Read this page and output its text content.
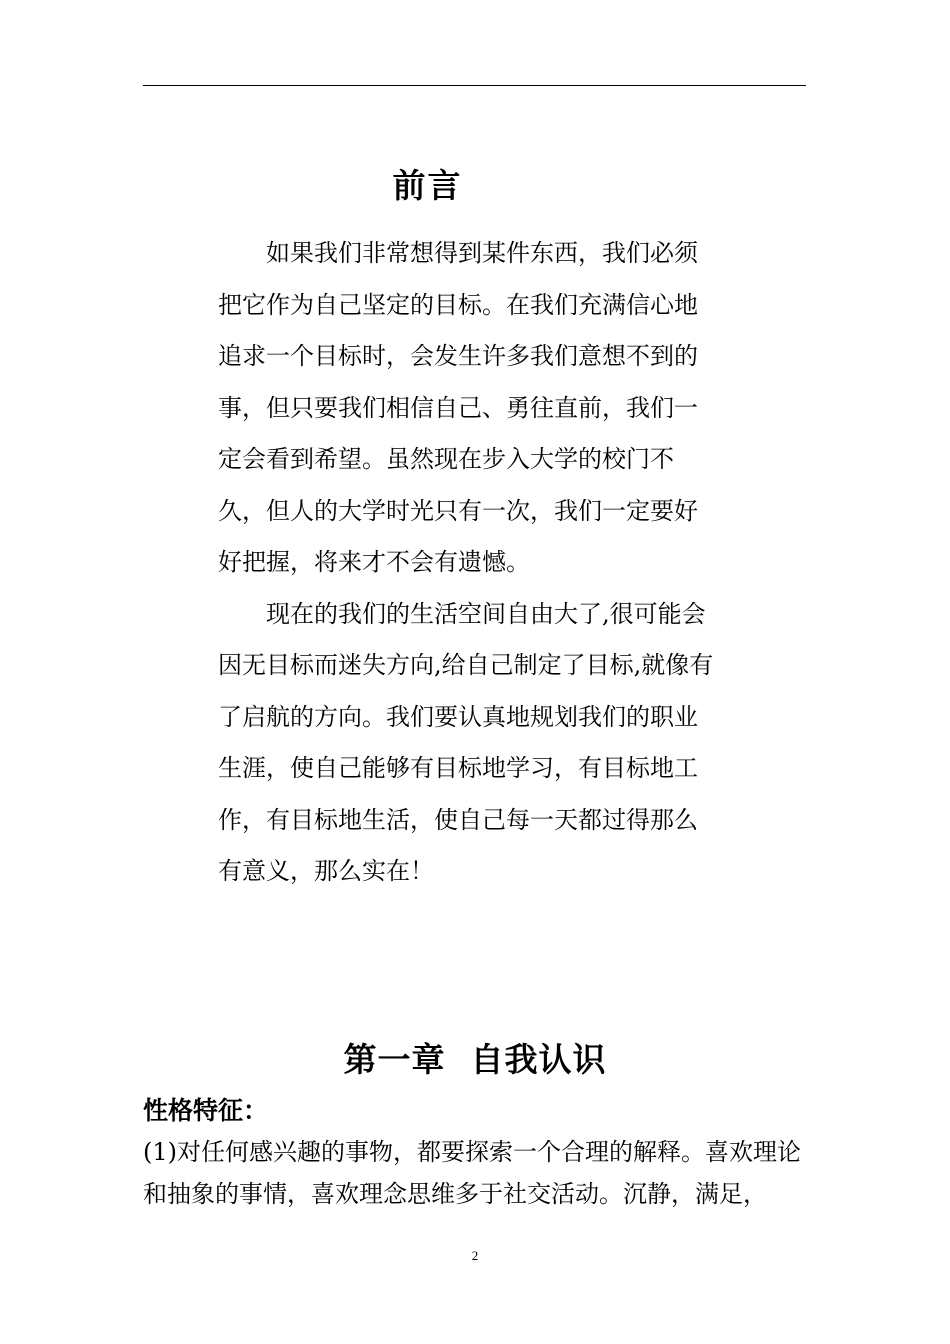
前言

如果我们非常想得到某件东西，我们必须把它作为自己坚定的目标。在我们充满信心地追求一个目标时，会发生许多我们意想不到的事，但只要我们相信自己、勇往直前，我们一定会看到希望。虽然现在步入大学的校门不久，但人的大学时光只有一次，我们一定要好好把握，将来才不会有遗憾。

现在的我们的生活空间自由大了,很可能会因无目标而迷失方向,给自己制定了目标,就像有了启航的方向。我们要认真地规划我们的职业生涯，使自己能够有目标地学习，有目标地工作，有目标地生活，使自己每一天都过得那么有意义，那么实在！

第一章  自我认识
性格特征：

(1)对任何感兴趣的事物，都要探索一个合理的解释。喜欢理论和抽象的事情，喜欢理念思维多于社交活动。沉静，满足，

2
